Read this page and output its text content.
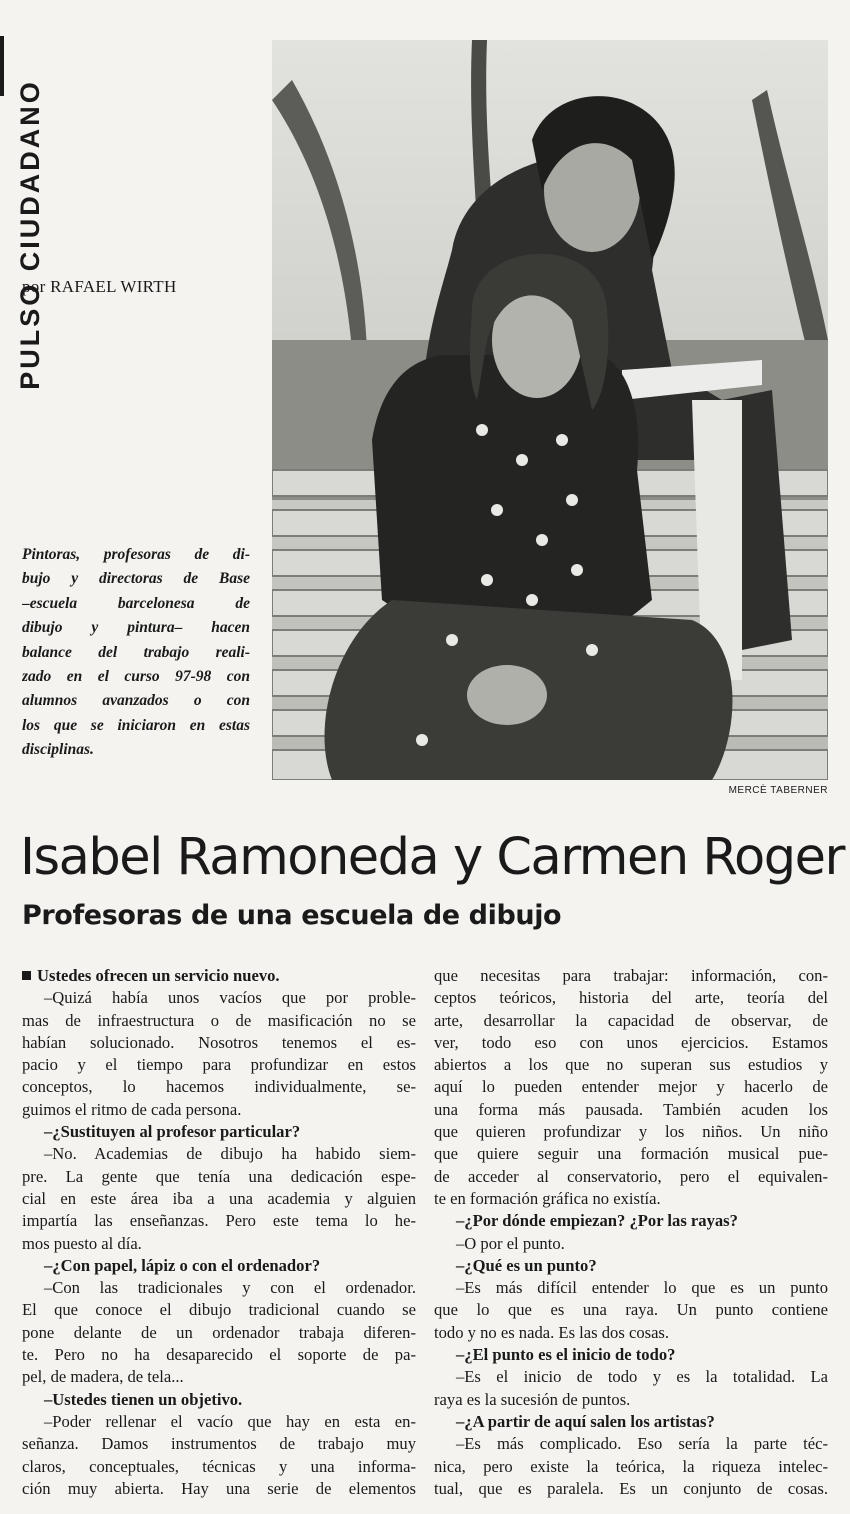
PULSO CIUDADANO
por RAFAEL WIRTH
Pintoras, profesoras de di-
bujo y directoras de Base
–escuela barcelonesa de
dibujo y pintura– hacen
balance del trabajo reali-
zado en el curso 97-98 con
alumnos avanzados o con
los que se iniciaron en estas
disciplinas.
MERCÈ TABERNER
Isabel Ramoneda y Carmen Roger
Profesoras de una escuela de dibujo
Ustedes ofrecen un servicio nuevo.
–Quizá había unos vacíos que por proble-
mas de infraestructura o de masificación no se
habían solucionado. Nosotros tenemos el es-
pacio y el tiempo para profundizar en estos
conceptos, lo hacemos individualmente, se-
guimos el ritmo de cada persona.
–¿Sustituyen al profesor particular?
–No. Academias de dibujo ha habido siem-
pre. La gente que tenía una dedicación espe-
cial en este área iba a una academia y alguien
impartía las enseñanzas. Pero este tema lo he-
mos puesto al día.
–¿Con papel, lápiz o con el ordenador?
–Con las tradicionales y con el ordenador.
El que conoce el dibujo tradicional cuando se
pone delante de un ordenador trabaja diferen-
te. Pero no ha desaparecido el soporte de pa-
pel, de madera, de tela...
–Ustedes tienen un objetivo.
–Poder rellenar el vacío que hay en esta en-
señanza. Damos instrumentos de trabajo muy
claros, conceptuales, técnicas y una informa-
ción muy abierta. Hay una serie de elementos
que necesitas para trabajar: información, con-
ceptos teóricos, historia del arte, teoría del
arte, desarrollar la capacidad de observar, de
ver, todo eso con unos ejercicios. Estamos
abiertos a los que no superan sus estudios y
aquí lo pueden entender mejor y hacerlo de
una forma más pausada. También acuden los
que quieren profundizar y los niños. Un niño
que quiere seguir una formación musical pue-
de acceder al conservatorio, pero el equivalen-
te en formación gráfica no existía.
–¿Por dónde empiezan? ¿Por las rayas?
–O por el punto.
–¿Qué es un punto?
–Es más difícil entender lo que es un punto
que lo que es una raya. Un punto contiene
todo y no es nada. Es las dos cosas.
–¿El punto es el inicio de todo?
–Es el inicio de todo y es la totalidad. La
raya es la sucesión de puntos.
–¿A partir de aquí salen los artistas?
–Es más complicado. Eso sería la parte téc-
nica, pero existe la teórica, la riqueza intelec-
tual, que es paralela. Es un conjunto de cosas.
